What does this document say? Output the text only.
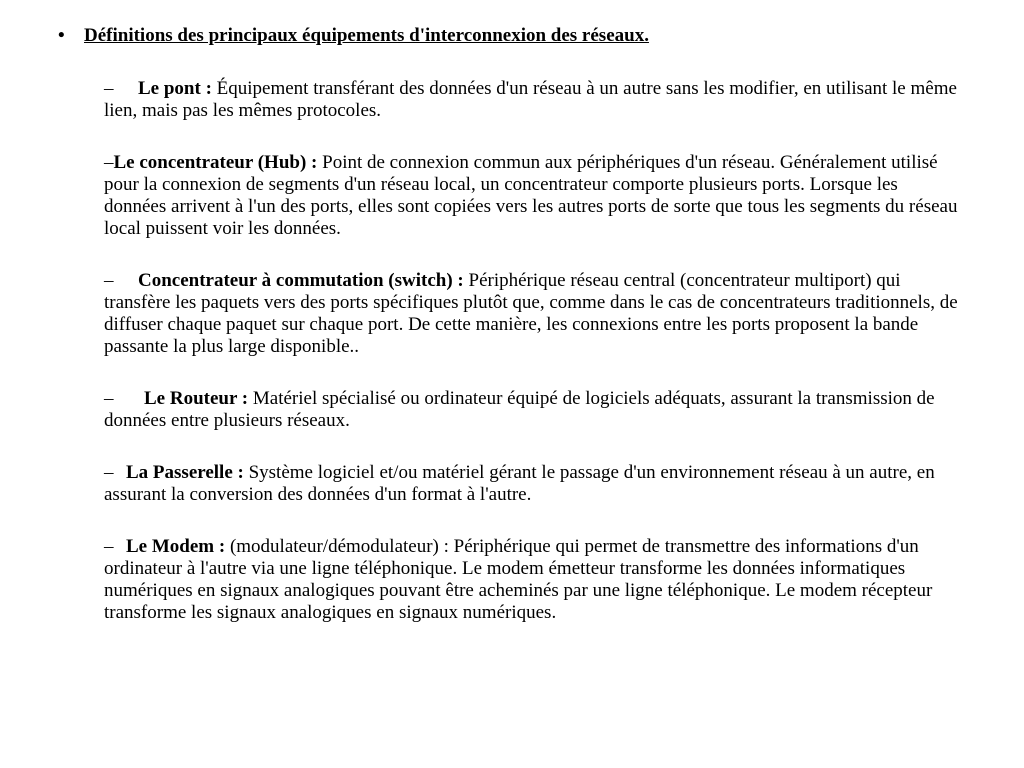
• Définitions des principaux équipements d'interconnexion des réseaux.

– Le pont : Équipement transférant des données d'un réseau à un autre sans les modifier, en utilisant le même lien, mais pas les mêmes protocoles.

–Le concentrateur (Hub) : Point de connexion commun aux périphériques d'un réseau. Généralement utilisé pour la connexion de segments d'un réseau local, un concentrateur comporte plusieurs ports. Lorsque les données arrivent à l'un des ports, elles sont copiées vers les autres ports de sorte que tous les segments du réseau local puissent voir les données.

– Concentrateur à commutation (switch) : Périphérique réseau central (concentrateur multiport) qui transfère les paquets vers des ports spécifiques plutôt que, comme dans le cas de concentrateurs traditionnels, de diffuser chaque paquet sur chaque port. De cette manière, les connexions entre les ports proposent la bande passante la plus large disponible..

– Le Routeur : Matériel spécialisé ou ordinateur équipé de logiciels adéquats, assurant la transmission de données entre plusieurs réseaux.

– La Passerelle : Système logiciel et/ou matériel gérant le passage d'un environnement réseau à un autre, en assurant la conversion des données d'un format à l'autre.

– Le Modem : (modulateur/démodulateur) : Périphérique qui permet de transmettre des informations d'un ordinateur à l'autre via une ligne téléphonique. Le modem émetteur transforme les données informatiques numériques en signaux analogiques pouvant être acheminés par une ligne téléphonique. Le modem récepteur transforme les signaux analogiques en signaux numériques.
